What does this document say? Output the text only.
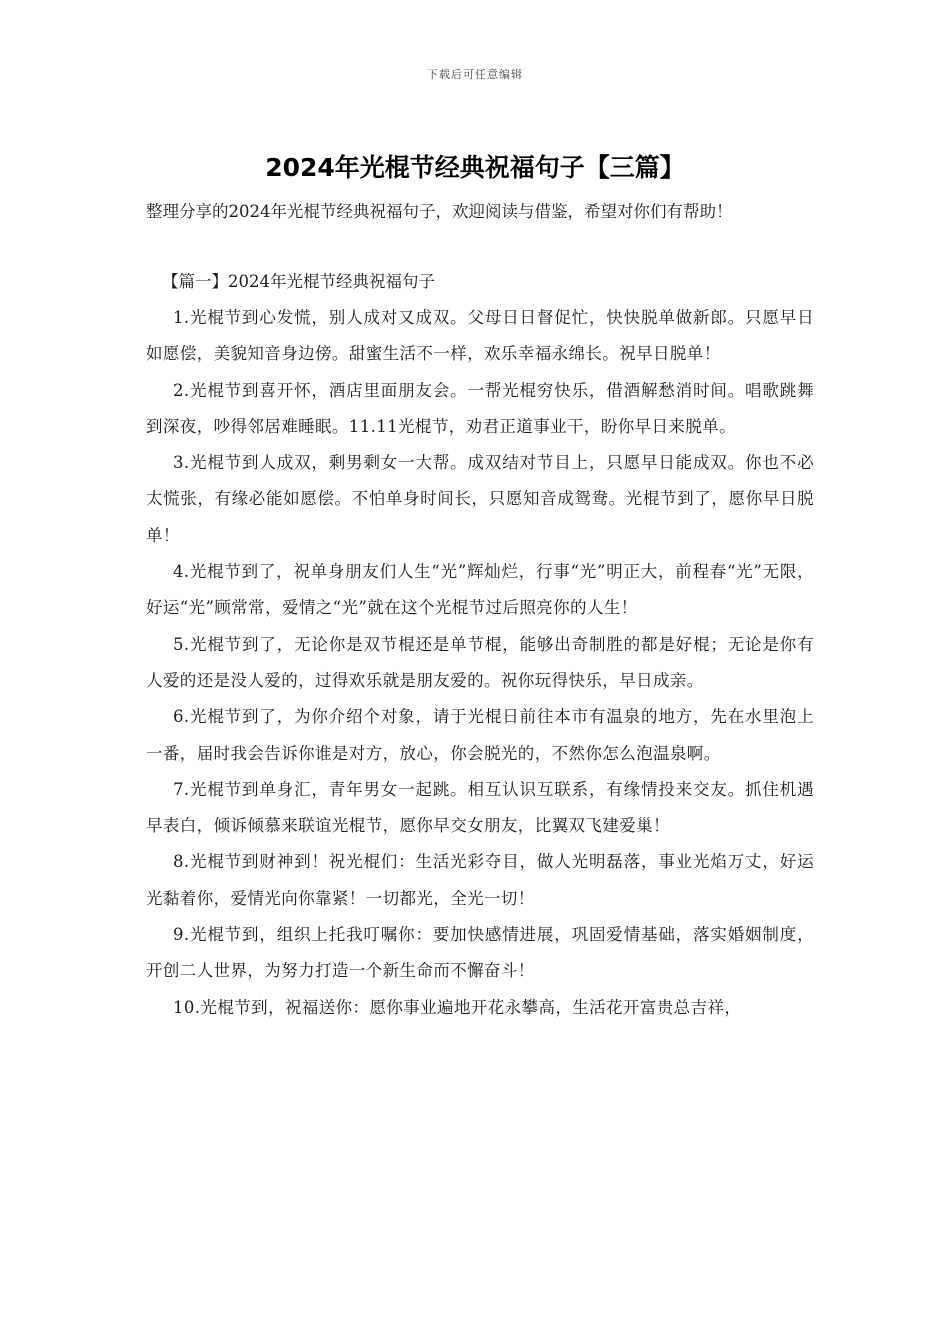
下载后可任意编辑
2024年光棍节经典祝福句子【三篇】
整理分享的2024年光棍节经典祝福句子，欢迎阅读与借鉴，希望对你们有帮助！
【篇一】2024年光棍节经典祝福句子

1.光棍节到心发慌，别人成对又成双。父母日日督促忙，快快脱单做新郎。只愿早日如愿偿，美貌知音身边傍。甜蜜生活不一样，欢乐幸福永绵长。祝早日脱单！

2.光棍节到喜开怀，酒店里面朋友会。一帮光棍穷快乐，借酒解愁消时间。唱歌跳舞到深夜，吵得邻居难睡眠。11.11光棍节，劝君正道事业干，盼你早日来脱单。

3.光棍节到人成双，剩男剩女一大帮。成双结对节目上，只愿早日能成双。你也不必太慌张，有缘必能如愿偿。不怕单身时间长，只愿知音成鸳鸯。光棍节到了，愿你早日脱单！

4.光棍节到了，祝单身朋友们人生“光”辉灿烂，行事“光”明正大，前程春“光”无限，好运“光”顾常常，爱情之“光”就在这个光棍节过后照亮你的人生！

5.光棍节到了，无论你是双节棍还是单节棍，能够出奇制胜的都是好棍；无论是你有人爱的还是没人爱的，过得欢乐就是朋友爱的。祝你玩得快乐，早日成亲。

6.光棍节到了，为你介绍个对象，请于光棍日前往本市有温泉的地方，先在水里泡上一番，届时我会告诉你谁是对方，放心，你会脱光的，不然你怎么泡温泉啊。

7.光棍节到单身汇，青年男女一起跳。相互认识互联系，有缘情投来交友。抓住机遇早表白，倾诉倾慕来联谊光棍节，愿你早交女朋友，比翼双飞建爱巢！

8.光棍节到财神到！祝光棍们：生活光彩夺目，做人光明磊落，事业光焰万丈，好运光黏着你，爱情光向你靠紧！一切都光，全光一切！

9.光棍节到，组织上托我叮嘱你：要加快感情进展，巩固爱情基础，落实婚姻制度，开创二人世界，为努力打造一个新生命而不懈奋斗！

10.光棍节到，祝福送你：愿你事业遍地开花永攀高，生活花开富贵总吉祥，
